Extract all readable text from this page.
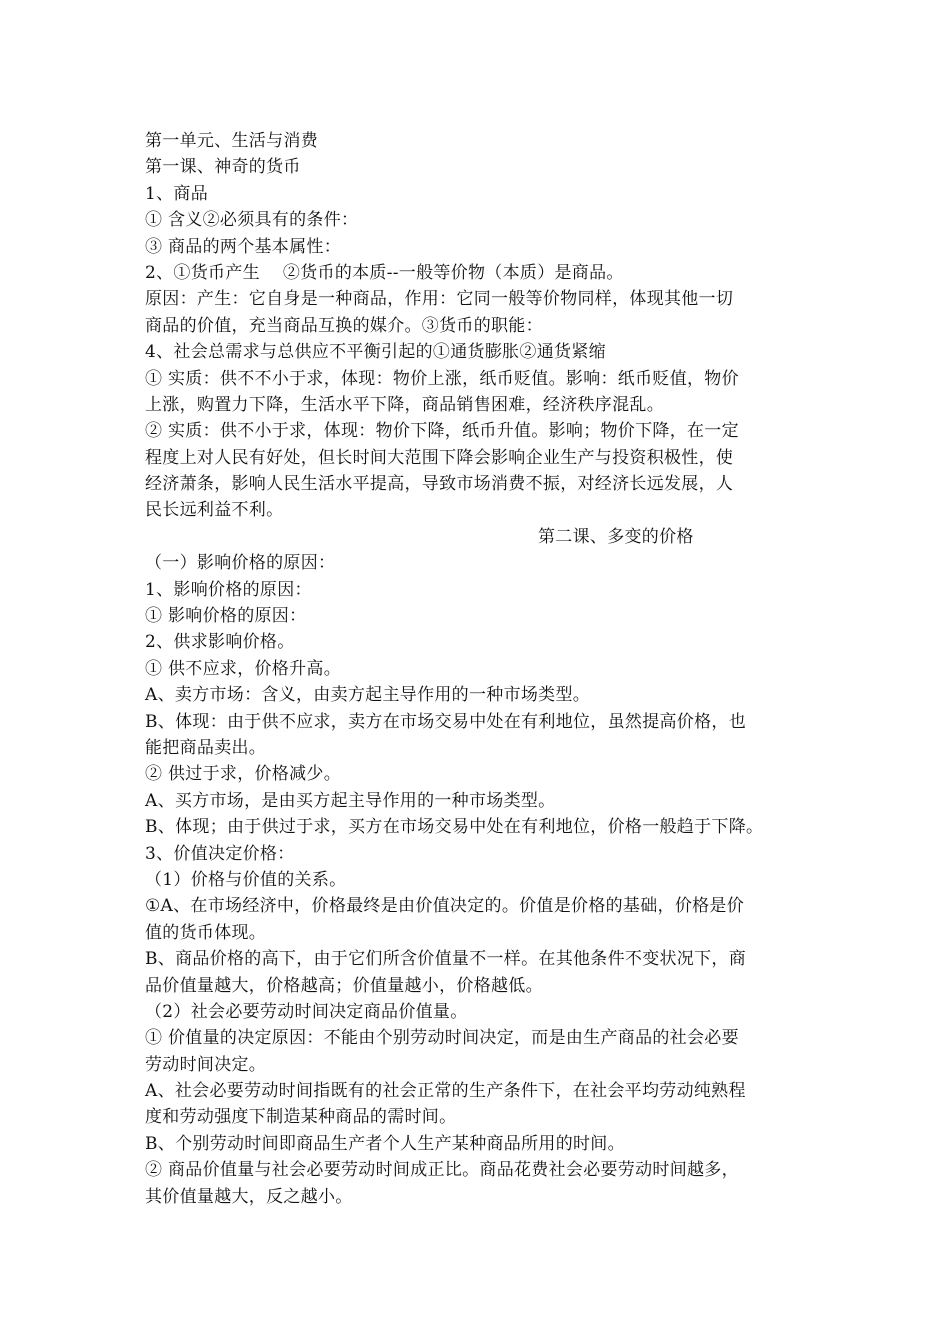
第一单元、生活与消费
第一课、神奇的货币
1、商品
① 含义②必须具有的条件：
③ 商品的两个基本属性：
2、①货币产生　 ②货币的本质--一般等价物（本质）是商品。
原因：产生：它自身是一种商品，作用：它同一般等价物同样，体现其他一切
商品的价值，充当商品互换的媒介。③货币的职能：
4、社会总需求与总供应不平衡引起的①通货膨胀②通货紧缩
① 实质：供不不小于求，体现：物价上涨，纸币贬值。影响：纸币贬值，物价
上涨，购置力下降，生活水平下降，商品销售困难，经济秩序混乱。
② 实质：供不小于求，体现：物价下降，纸币升值。影响；物价下降，在一定
程度上对人民有好处，但长时间大范围下降会影响企业生产与投资积极性，使
经济萧条，影响人民生活水平提高，导致市场消费不振，对经济长远发展，人
民长远利益不利。
第二课、多变的价格
（一）影响价格的原因：
1、影响价格的原因：
① 影响价格的原因：
2、供求影响价格。
① 供不应求，价格升高。
A、卖方市场：含义，由卖方起主导作用的一种市场类型。
B、体现：由于供不应求，卖方在市场交易中处在有利地位，虽然提高价格，也
能把商品卖出。
② 供过于求，价格减少。
A、买方市场，是由买方起主导作用的一种市场类型。
B、体现；由于供过于求，买方在市场交易中处在有利地位，价格一般趋于下降。
3、价值决定价格：
（1）价格与价值的关系。
①A、在市场经济中，价格最终是由价值决定的。价值是价格的基础，价格是价
值的货币体现。
B、商品价格的高下，由于它们所含价值量不一样。在其他条件不变状况下，商
品价值量越大，价格越高；价值量越小，价格越低。
（2）社会必要劳动时间决定商品价值量。
① 价值量的决定原因：不能由个别劳动时间决定，而是由生产商品的社会必要
劳动时间决定。
A、社会必要劳动时间指既有的社会正常的生产条件下，在社会平均劳动纯熟程
度和劳动强度下制造某种商品的需时间。
B、个别劳动时间即商品生产者个人生产某种商品所用的时间。
② 商品价值量与社会必要劳动时间成正比。商品花费社会必要劳动时间越多，
其价值量越大，反之越小。
